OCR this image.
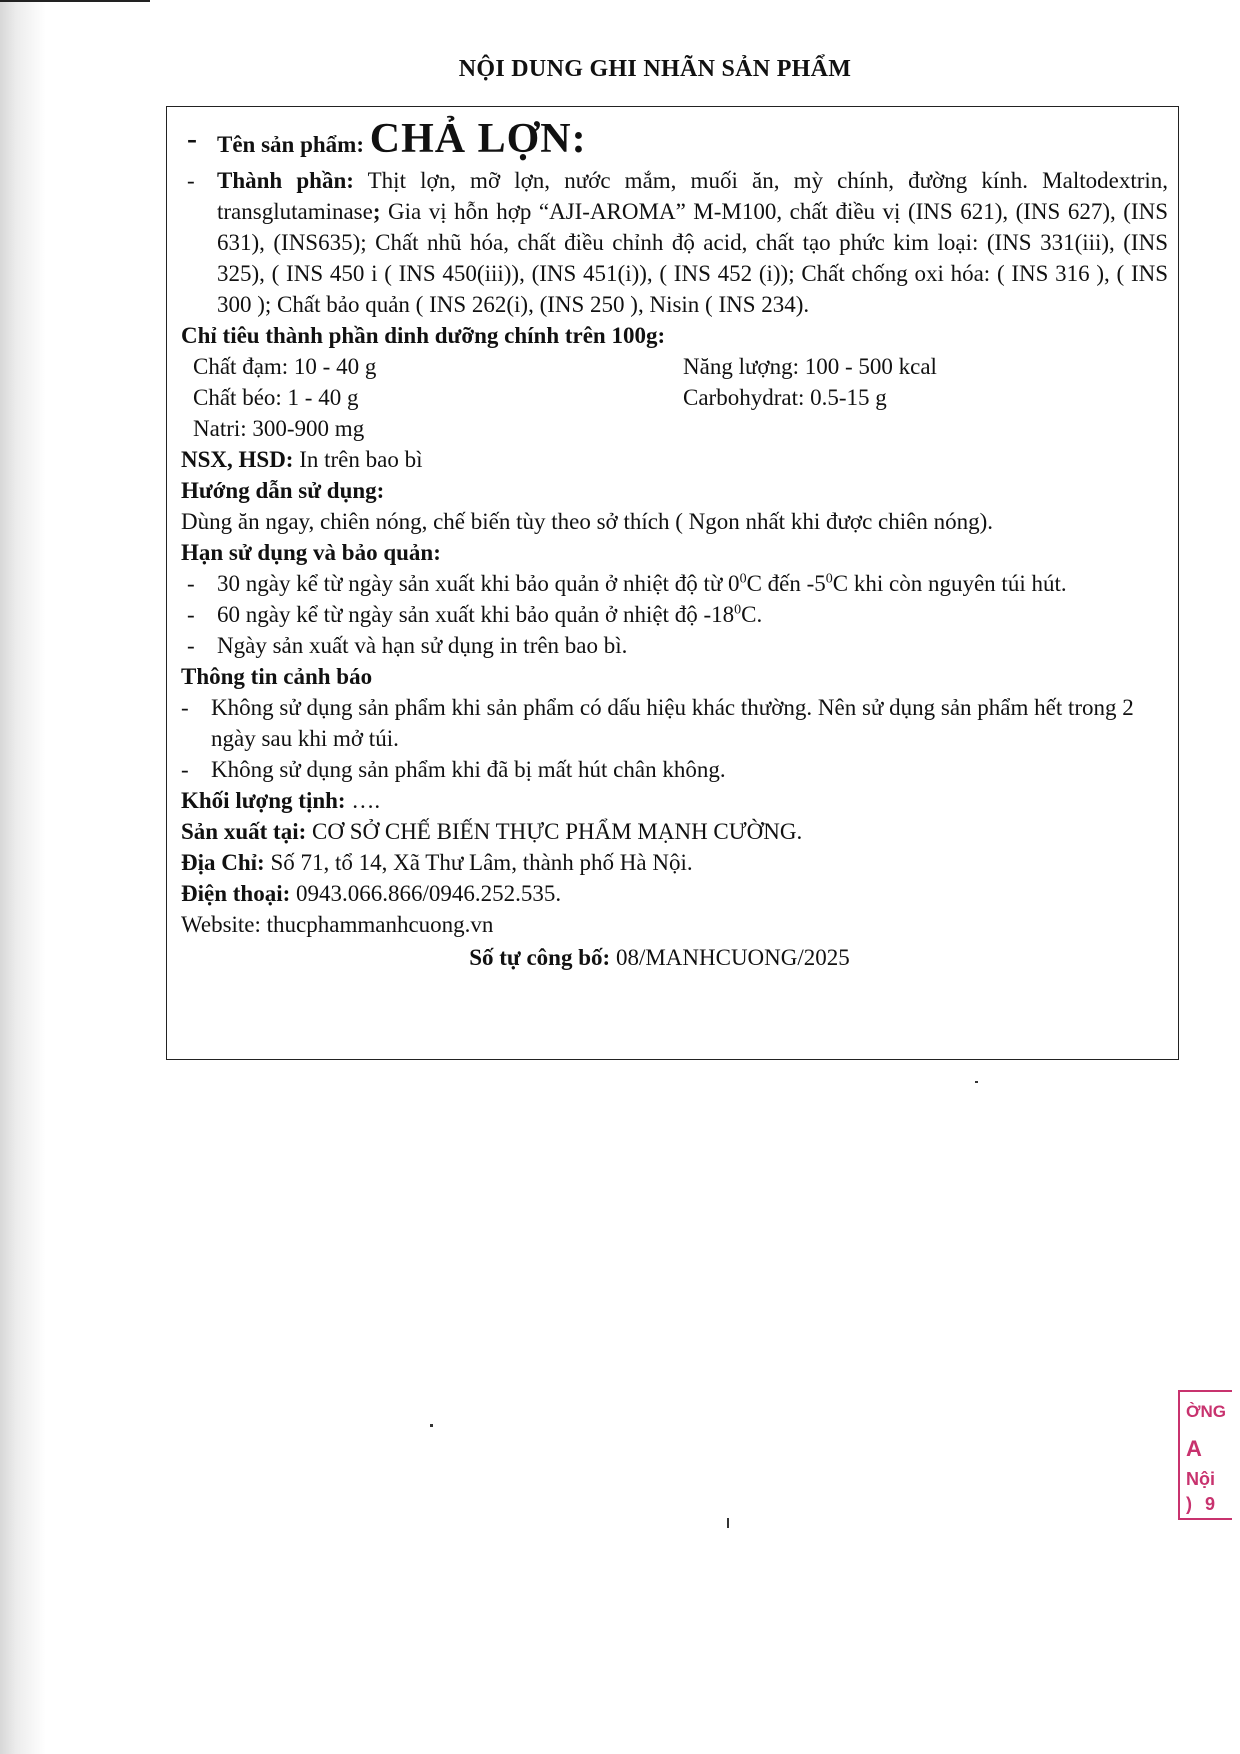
NỘI DUNG GHI NHÃN SẢN PHẨM
- Tên sản phẩm: CHẢ LỢN:
- Thành phần: Thịt lợn, mỡ lợn, nước mắm, muối ăn, mỳ chính, đường kính. Maltodextrin, transglutaminase; Gia vị hỗn hợp “AJI-AROMA” M-M100, chất điều vị (INS 621), (INS 627), (INS 631), (INS635); Chất nhũ hóa, chất điều chỉnh độ acid, chất tạo phức kim loại: (INS 331(iii), (INS 325), ( INS 450 i ( INS 450(iii)), (INS 451(i)), ( INS 452 (i)); Chất chống oxi hóa: ( INS 316 ), ( INS 300 ); Chất bảo quản ( INS 262(i), (INS 250 ), Nisin ( INS 234).
Chỉ tiêu thành phần dinh dưỡng chính trên 100g:
Chất đạm: 10 - 40 g	Năng lượng: 100 - 500 kcal
Chất béo: 1 - 40 g	Carbohydrat: 0.5-15 g
Natri: 300-900 mg
NSX, HSD: In trên bao bì
Hướng dẫn sử dụng:
Dùng ăn ngay, chiên nóng, chế biến tùy theo sở thích ( Ngon nhất khi được chiên nóng).
Hạn sử dụng và bảo quản:
- 30 ngày kể từ ngày sản xuất khi bảo quản ở nhiệt độ từ $0^0C$ đến $-5^0C$ khi còn nguyên túi hút.
- 60 ngày kể từ ngày sản xuất khi bảo quản ở nhiệt độ $-18^0C$.
- Ngày sản xuất và hạn sử dụng in trên bao bì.
Thông tin cảnh báo
- Không sử dụng sản phẩm khi sản phẩm có dấu hiệu khác thường. Nên sử dụng sản phẩm hết trong 2 ngày sau khi mở túi.
- Không sử dụng sản phẩm khi đã bị mất hút chân không.
Khối lượng tịnh: ….
Sản xuất tại: CƠ SỞ CHẾ BIẾN THỰC PHẨM MẠNH CƯỜNG.
Địa Chỉ: Số 71, tổ 14, Xã Thư Lâm, thành phố Hà Nội.
Điện thoại: 0943.066.866/0946.252.535.
Website: thucphammanhcuong.vn
Số tự công bố: 08/MANHCUONG/2025
ỜNG
A
Nội
) 9
